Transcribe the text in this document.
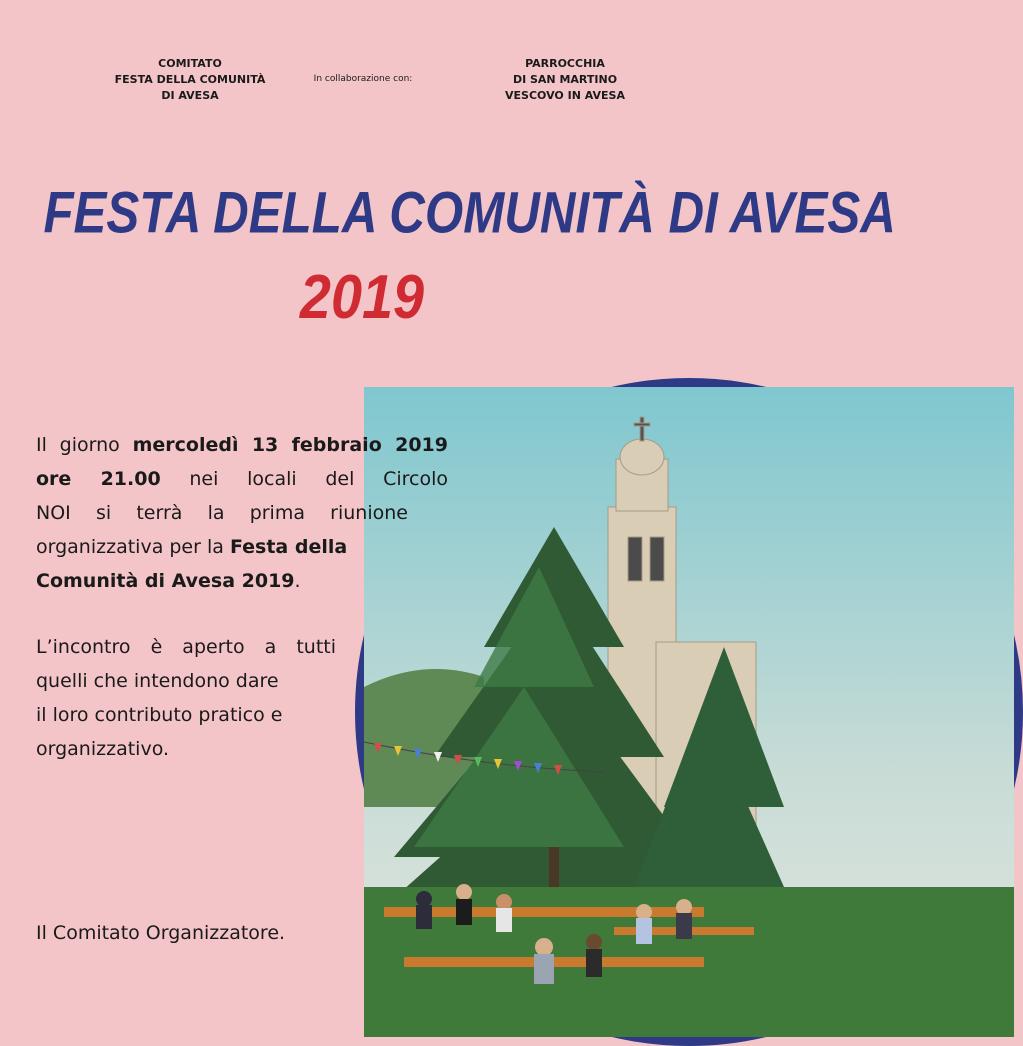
COMITATO
FESTA DELLA COMUNITÀ
DI AVESA
In collaborazione con:
PARROCCHIA
DI SAN MARTINO
VESCOVO IN AVESA
FESTA DELLA COMUNITÀ DI AVESA
2019
Il giorno mercoledì 13 febbraio 2019
ore 21.00 nei locali del Circolo
NOI si terrà la prima riunione
organizzativa per la Festa della
Comunità di Avesa 2019.
L’incontro è aperto a tutti
quelli che intendono dare
il loro contributo pratico e
organizzativo.
Il Comitato Organizzatore.
